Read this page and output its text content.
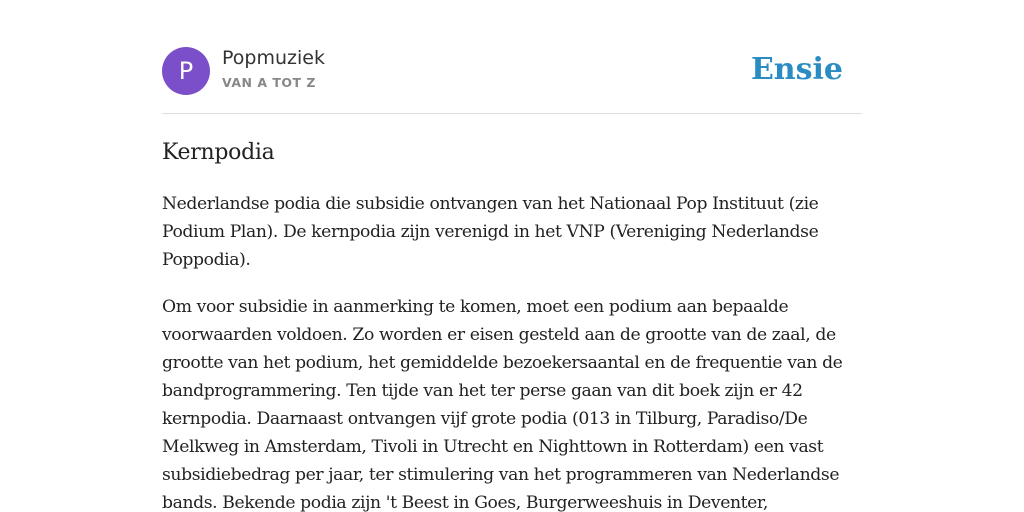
P	Popmuziek
VAN A TOT Z	Ensie
Kernpodia

Nederlandse podia die subsidie ontvangen van het Nationaal Pop Instituut (zie Podium Plan). De kernpodia zijn verenigd in het VNP (Vereniging Nederlandse Poppodia).

Om voor subsidie in aanmerking te komen, moet een podium aan bepaalde voorwaarden voldoen. Zo worden er eisen gesteld aan de grootte van de zaal, de grootte van het podium, het gemiddelde bezoekersaantal en de frequentie van de bandprogrammering. Ten tijde van het ter perse gaan van dit boek zijn er 42 kernpodia. Daarnaast ontvangen vijf grote podia (013 in Tilburg, Paradiso/De Melkweg in Amsterdam, Tivoli in Utrecht en Nighttown in Rotterdam) een vast subsidiebedrag per jaar, ter stimulering van het programmeren van Nederlandse bands. Bekende podia zijn 't Beest in Goes, Burgerweeshuis in Deventer,
